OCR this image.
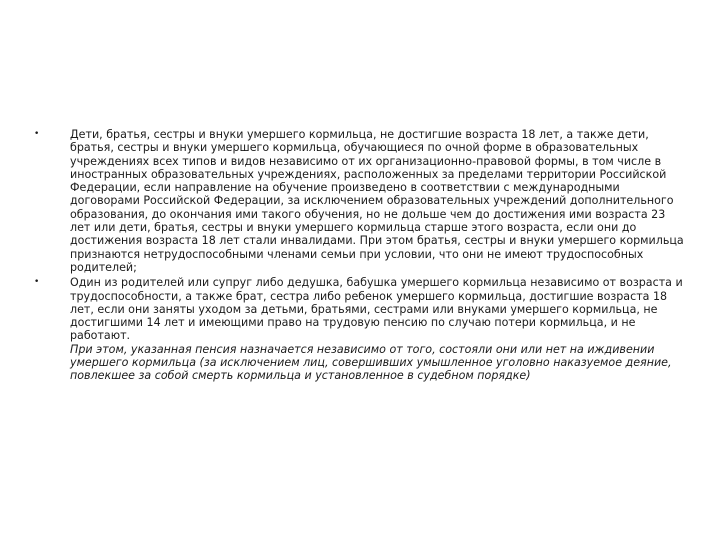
•	Дети, братья, сестры и внуки умершего кормильца, не достигшие возраста 18 лет, а также дети, братья, сестры и внуки умершего кормильца, обучающиеся по очной форме в образовательных учреждениях всех типов и видов независимо от их организационно-правовой формы, в том числе в иностранных образовательных учреждениях, расположенных за пределами территории Российской Федерации, если направление на обучение произведено в соответствии с международными договорами Российской Федерации, за исключением образовательных учреждений дополнительного образования, до окончания ими такого обучения, но не дольше чем до достижения ими возраста 23 лет или дети, братья, сестры и внуки умершего кормильца старше этого возраста, если они до достижения возраста 18 лет стали инвалидами. При этом братья, сестры и внуки умершего кормильца признаются нетрудоспособными членами семьи при условии, что они не имеют трудоспособных родителей;
•	Один из родителей или супруг либо дедушка, бабушка умершего кормильца независимо от возраста и трудоспособности, а также брат, сестра либо ребенок умершего кормильца, достигшие возраста 18 лет, если они заняты уходом за детьми, братьями, сестрами или внуками умершего кормильца, не достигшими 14 лет и имеющими право на трудовую пенсию по случаю потери кормильца, и не работают.
При этом, указанная пенсия назначается независимо от того, состояли они или нет на иждивении умершего кормильца (за исключением лиц, совершивших умышленное уголовно наказуемое деяние, повлекшее за собой смерть кормильца и установленное в судебном порядке)
